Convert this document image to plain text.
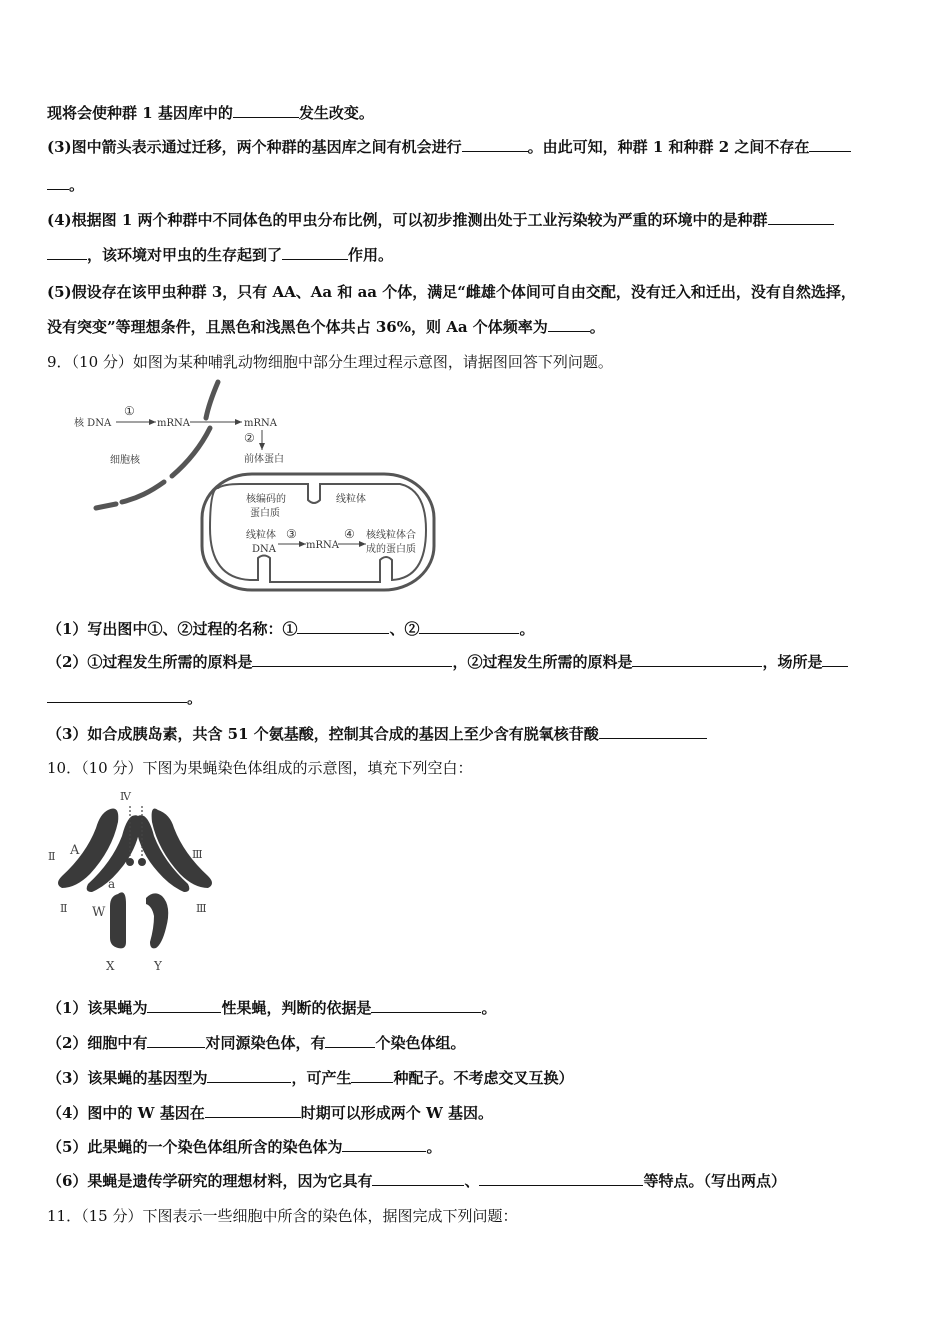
现将会使种群 1 基因库中的	发生改变。
(3)图中箭头表示通过迁移，两个种群的基因库之间有机会进行	。由此可知，种群 1 和种群 2 之间不存在
。
(4)根据图 1 两个种群中不同体色的甲虫分布比例，可以初步推测出处于工业污染较为严重的环境中的是种群
，该环境对甲虫的生存起到了	作用。
(5)假设存在该甲虫种群 3，只有 AA、Aa 和 aa 个体，满足“雌雄个体间可自由交配，没有迁入和迁出，没有自然选择，
没有突变”等理想条件，且黑色和浅黑色个体共占 36%，则 Aa 个体频率为	。
9．（10 分）如图为某种哺乳动物细胞中部分生理过程示意图，请据图回答下列问题。
核 DNA
①
mRNA	mRNA
②
前体蛋白
细胞核
核编码的
蛋白质
线粒体
线粒体
DNA
③
mRNA
④ 核线粒体合
成的蛋白质
（1）写出图中①、②过程的名称：①	、②	。
（2）①过程发生所需的原料是	，②过程发生所需的原料是	，场所是
。
（3）如合成胰岛素，共含 51 个氨基酸，控制其合成的基因上至少含有脱氧核苷酸
10．（10 分）下图为果蝇染色体组成的示意图，填充下列空白：
Ⅳ
Ⅱ A	Ⅲ
a
Ⅱ W	Ⅲ
X	Y
（1）该果蝇为	性果蝇，判断的依据是	。
（2）细胞中有	对同源染色体，有	个染色体组。
（3）该果蝇的基因型为	，可产生	种配子。不考虑交叉互换）
（4）图中的 W 基因在	时期可以形成两个 W 基因。
（5）此果蝇的一个染色体组所含的染色体为	。
（6）果蝇是遗传学研究的理想材料，因为它具有	、	等特点。（写出两点）
11．（15 分）下图表示一些细胞中所含的染色体，据图完成下列问题：
